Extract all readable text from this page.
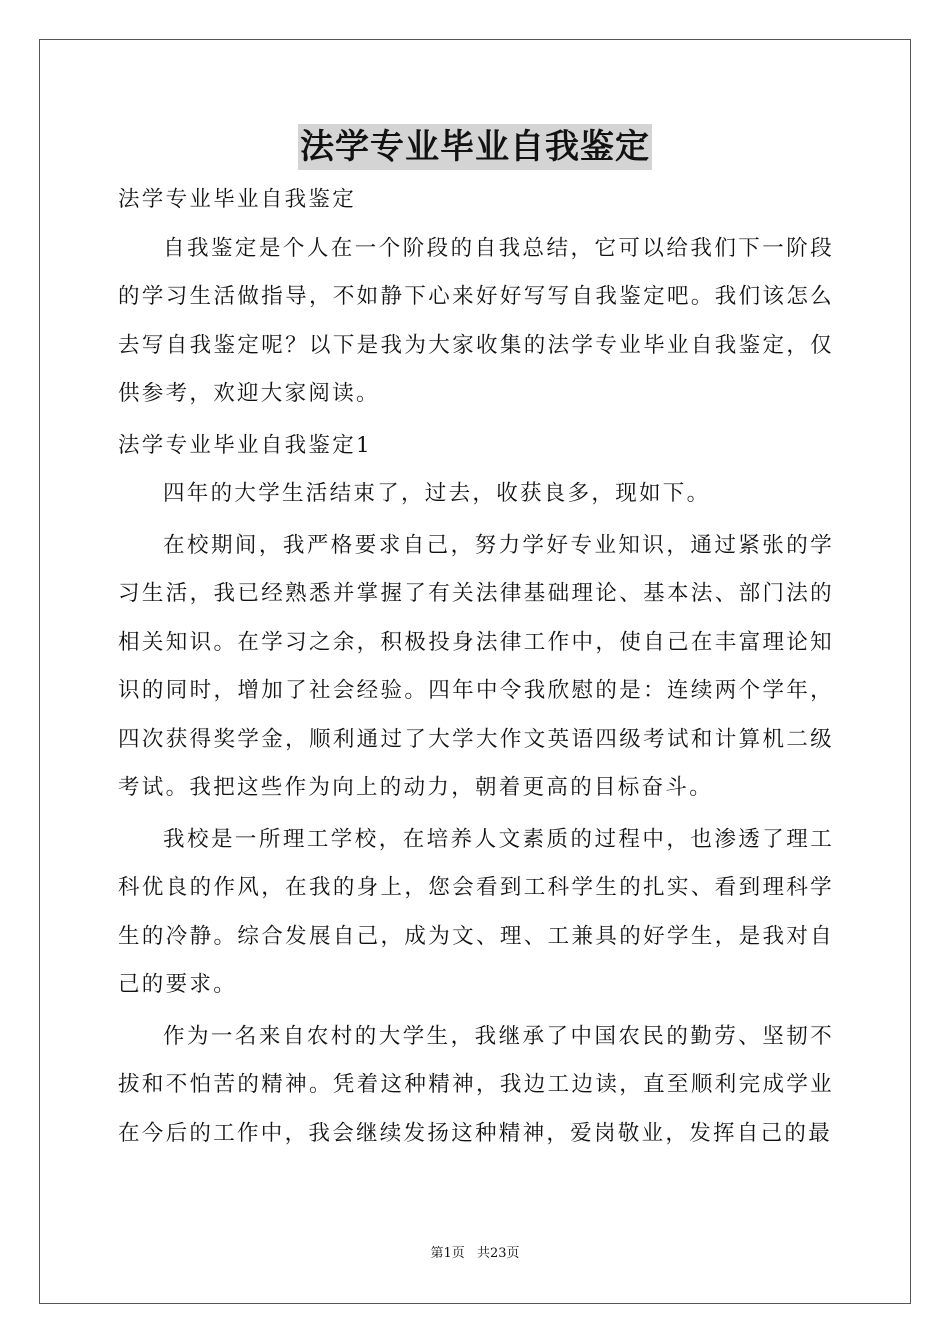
法学专业毕业自我鉴定

法学专业毕业自我鉴定

自我鉴定是个人在一个阶段的自我总结，它可以给我们下一阶段的学习生活做指导，不如静下心来好好写写自我鉴定吧。我们该怎么去写自我鉴定呢？以下是我为大家收集的法学专业毕业自我鉴定，仅供参考，欢迎大家阅读。

法学专业毕业自我鉴定1

四年的大学生活结束了，过去，收获良多，现如下。

在校期间，我严格要求自己，努力学好专业知识，通过紧张的学习生活，我已经熟悉并掌握了有关法律基础理论、基本法、部门法的相关知识。在学习之余，积极投身法律工作中，使自己在丰富理论知识的同时，增加了社会经验。四年中令我欣慰的是：连续两个学年，四次获得奖学金，顺利通过了大学大作文英语四级考试和计算机二级考试。我把这些作为向上的动力，朝着更高的目标奋斗。

我校是一所理工学校，在培养人文素质的过程中，也渗透了理工科优良的作风，在我的身上，您会看到工科学生的扎实、看到理科学生的冷静。综合发展自己，成为文、理、工兼具的好学生，是我对自己的要求。

作为一名来自农村的大学生，我继承了中国农民的勤劳、坚韧不拔和不怕苦的精神。凭着这种精神，我边工边读，直至顺利完成学业在今后的工作中，我会继续发扬这种精神，爱岗敬业，发挥自己的最

第1页 共23页
